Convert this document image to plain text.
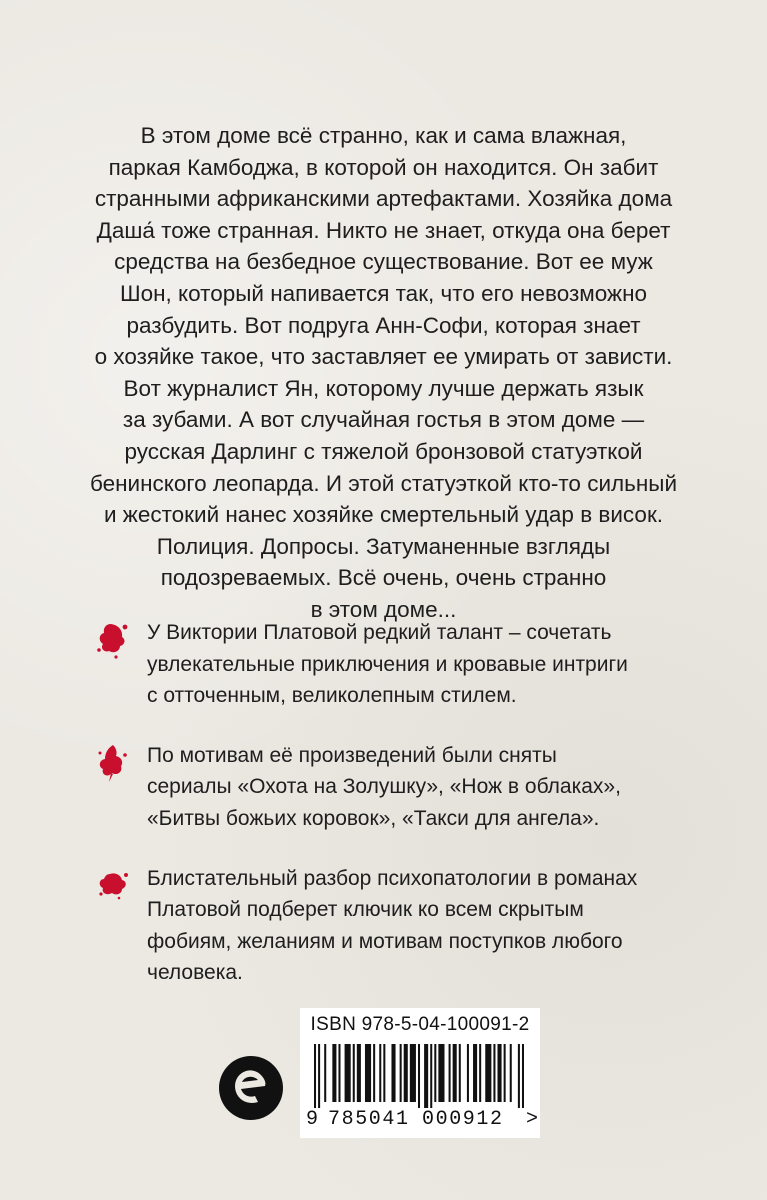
В этом доме всё странно, как и сама влажная,
паркая Камбоджа, в которой он находится. Он забит
странными африканскими артефактами. Хозяйка дома
Даша́ тоже странная. Никто не знает, откуда она берет
средства на безбедное существование. Вот ее муж
Шон, который напивается так, что его невозможно
разбудить. Вот подруга Анн-Софи, которая знает
о хозяйке такое, что заставляет ее умирать от зависти.
Вот журналист Ян, которому лучше держать язык
за зубами. А вот случайная гостья в этом доме —
русская Дарлинг с тяжелой бронзовой статуэткой
бенинского леопарда. И этой статуэткой кто-то сильный
и жестокий нанес хозяйке смертельный удар в висок.
Полиция. Допросы. Затуманенные взгляды
подозреваемых. Всё очень, очень странно
в этом доме...
У Виктории Платовой редкий талант – сочетать
увлекательные приключения и кровавые интриги
с отточенным, великолепным стилем.
По мотивам её произведений были сняты
сериалы «Охота на Золушку», «Нож в облаках»,
«Битвы божьих коровок», «Такси для ангела».
Блистательный разбор психопатологии в романах
Платовой подберет ключик ко всем скрытым
фобиям, желаниям и мотивам поступков любого
человека.
ISBN 978-5-04-100091-2
9 785041 000912 >
